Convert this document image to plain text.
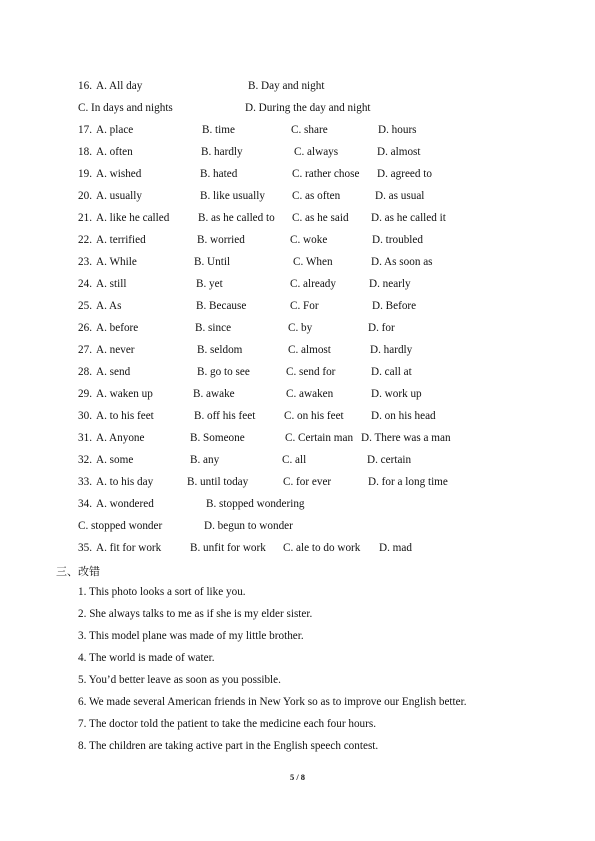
16. A. All day	B. Day and night
C. In days and nights	D. During the day and night
17. A. place	B. time	C. share	D. hours
18. A. often	B. hardly	C. always	D. almost
19. A. wished	B. hated	C. rather chose D. agreed to
20. A. usually	B. like usually C. as often	D. as usual
21. A. like he called	B. as he called to C. as he said D. as he called it
22. A. terrified	B. worried	C. woke	D. troubled
23. A. While	B. Until	C. When	D. As soon as
24. A. still	B. yet	C. already	D. nearly
25. A. As	B. Because	C. For	D. Before
26. A. before	B. since	C. by	D. for
27. A. never	B. seldom	C. almost	D. hardly
28. A. send	B. go to see	C. send for	D. call at
29. A. waken up	B. awake	C. awaken	D. work up
30. A. to his feet	B. off his feet	C. on his feet D. on his head
31. A. Anyone	B. Someone	C. Certain man D. There was a man
32. A. some	B. any	C. all	D. certain
33. A. to his day	B. until today	C. for ever	D. for a long time
34. A. wondered	B. stopped wondering
C. stopped wonder	D. begun to wonder
35. A. fit for work	B. unfit for work C. ale to do work D. mad
三、改错
1. This photo looks a sort of like you.
2. She always talks to me as if she is my elder sister.
3. This model plane was made of my little brother.
4. The world is made of water.
5. You’d better leave as soon as you possible.
6. We made several American friends in New York so as to improve our English better.
7. The doctor told the patient to take the medicine each four hours.
8. The children are taking active part in the English speech contest.
5 / 8
